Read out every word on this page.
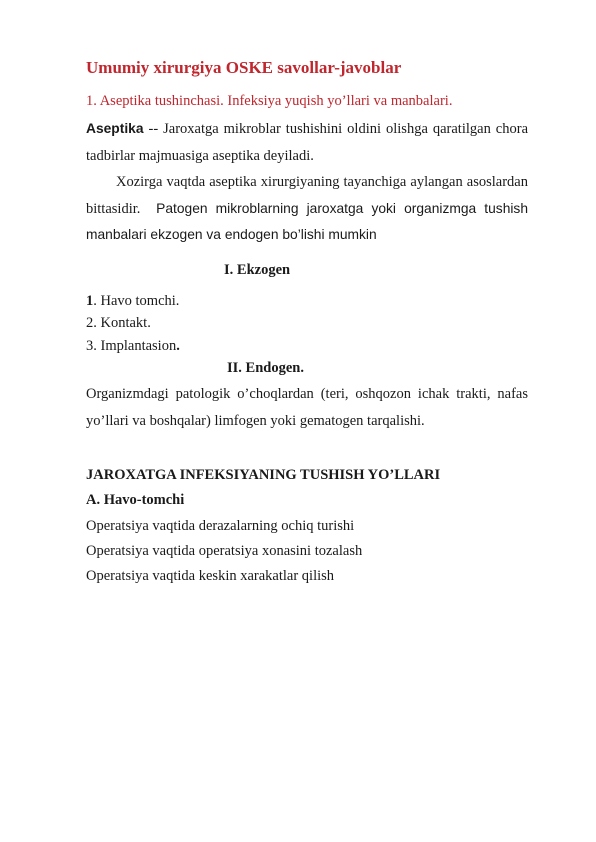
Umumiy xirurgiya OSKE savollar-javoblar
1. Aseptika tushinchasi. Infeksiya yuqish yo’llari va manbalari.

Aseptika -- Jaroxatga mikroblar tushishini oldini olishga qaratilgan chora tadbirlar majmuasiga aseptika deyiladi.

Xozirga vaqtda aseptika xirurgiyaning tayanchiga aylangan asoslardan bittasidir. Patogen mikroblarning jaroxatga yoki organizmga tushish manbalari ekzogen va endogen bo’lishi mumkin

I. Ekzogen

1. Havo tomchi.

2. Kontakt.

3. Implantasion.

II. Endogen.

Organizmdagi patologik o’choqlardan (teri, oshqozon ichak trakti, nafas yo’llari va boshqalar) limfogen yoki gematogen tarqalishi.

JAROXATGA INFEKSIYANING TUSHISH YO’LLARI
A. Havo-tomchi

Operatsiya vaqtida derazalarning ochiq turishi

Operatsiya vaqtida operatsiya xonasini tozalash

Operatsiya vaqtida keskin xarakatlar qilish
